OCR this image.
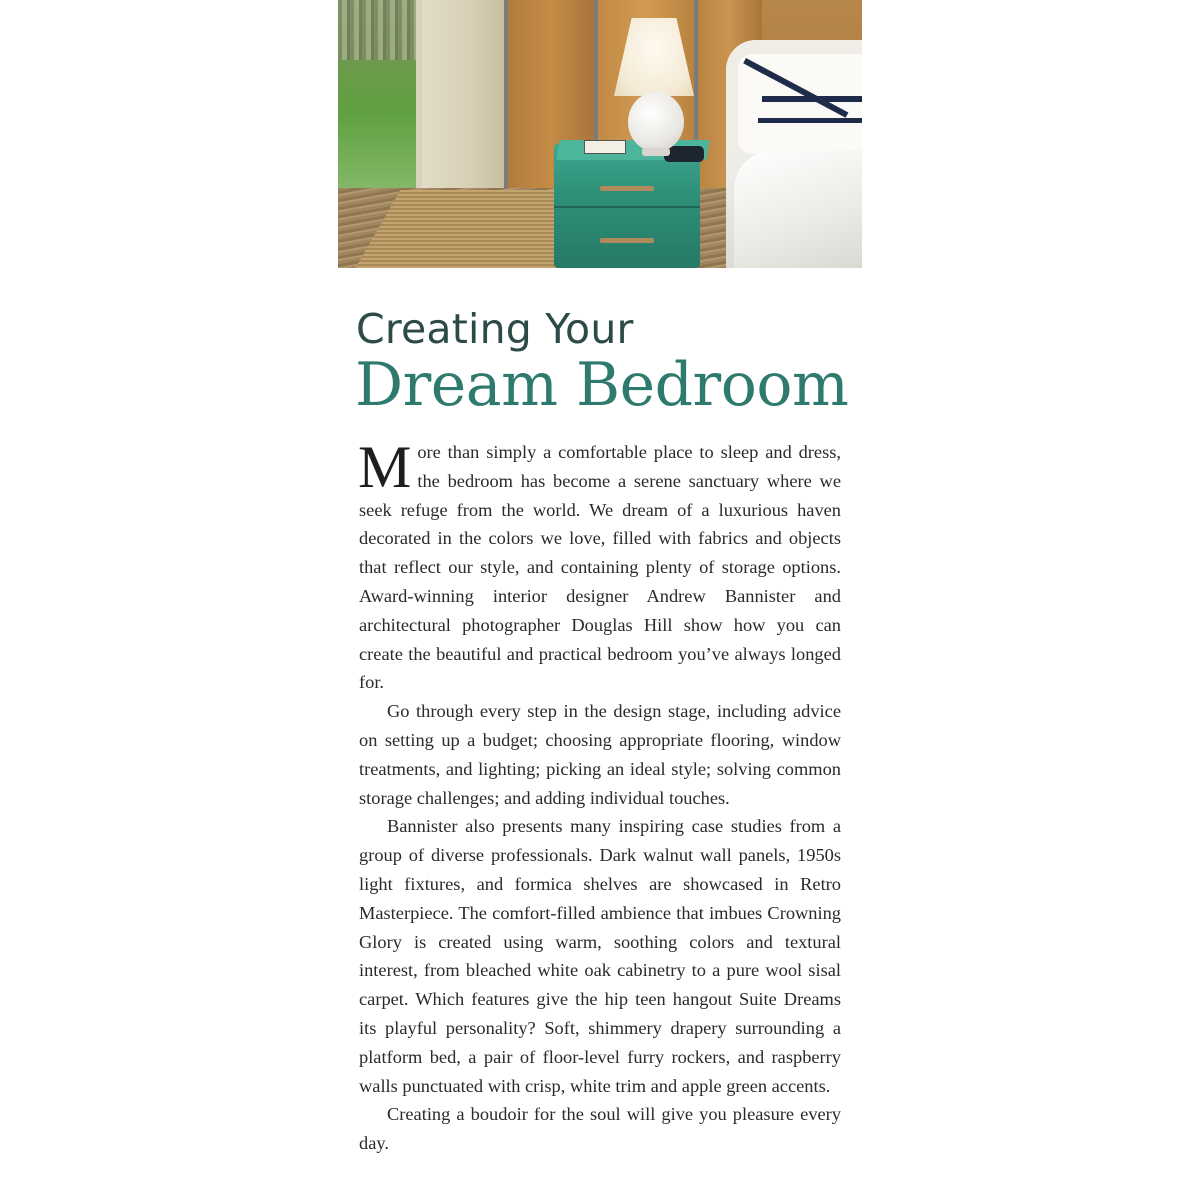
Creating Your
Dream Bedroom

More than simply a comfortable place to sleep and dress, the bedroom has become a serene sanctuary where we seek refuge from the world. We dream of a luxurious haven decorated in the colors we love, filled with fabrics and objects that reflect our style, and containing plenty of storage options. Award-winning interior designer Andrew Bannister and architectural photographer Douglas Hill show how you can create the beautiful and practical bedroom you’ve always longed for.

Go through every step in the design stage, including advice on setting up a budget; choosing appropriate flooring, window treatments, and lighting; picking an ideal style; solving common storage challenges; and adding individual touches.

Bannister also presents many inspiring case studies from a group of diverse professionals. Dark walnut wall panels, 1950s light fixtures, and formica shelves are showcased in Retro Masterpiece. The comfort-filled ambience that imbues Crowning Glory is created using warm, soothing colors and textural interest, from bleached white oak cabinetry to a pure wool sisal carpet. Which features give the hip teen hangout Suite Dreams its playful personality? Soft, shimmery drapery surrounding a platform bed, a pair of floor-level furry rockers, and raspberry walls punctuated with crisp, white trim and apple green accents.

Creating a boudoir for the soul will give you pleasure every day.
